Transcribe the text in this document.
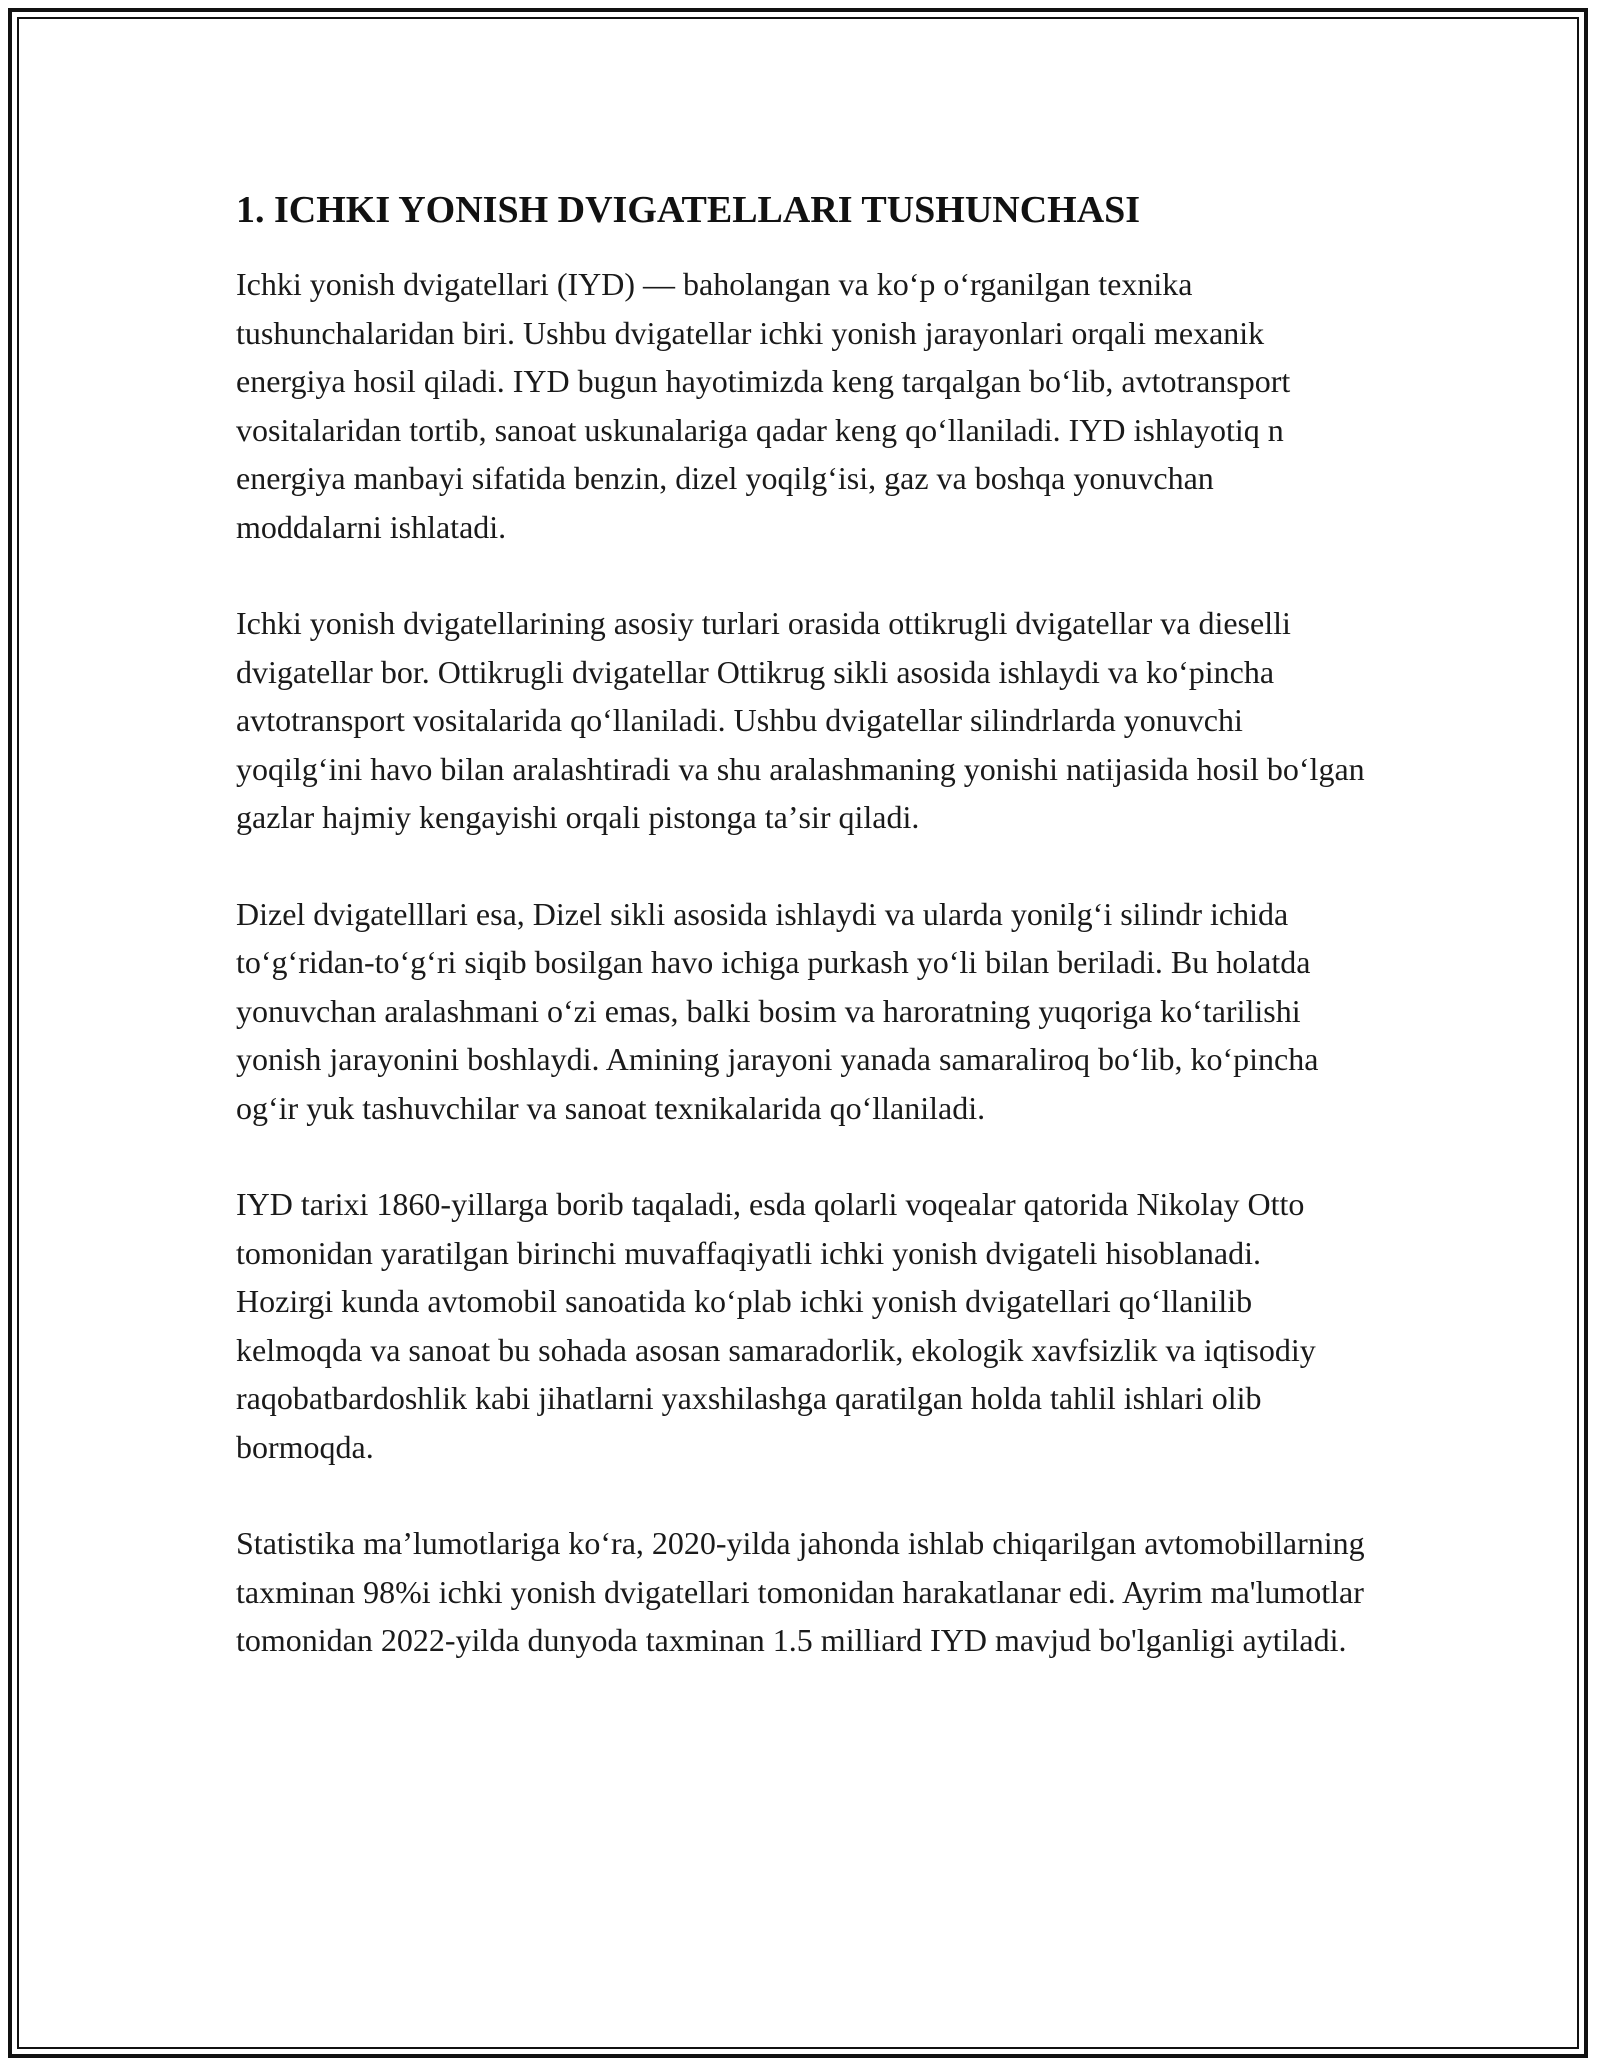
1. ICHKI YONISH DVIGATELLARI TUSHUNCHASI

Ichki yonish dvigatellari (IYD) — baholangan va koʻp oʻrganilgan texnika tushunchalaridan biri. Ushbu dvigatellar ichki yonish jarayonlari orqali mexanik energiya hosil qiladi. IYD bugun hayotimizda keng tarqalgan boʻlib, avtotransport vositalaridan tortib, sanoat uskunalariga qadar keng qoʻllaniladi. IYD ishlayotiq n energiya manbayi sifatida benzin, dizel yoqilgʻisi, gaz va boshqa yonuvchan moddalarni ishlatadi.

Ichki yonish dvigatellarining asosiy turlari orasida ottikrugli dvigatellar va dieselli dvigatellar bor. Ottikrugli dvigatellar Ottikrug sikli asosida ishlaydi va koʻpincha avtotransport vositalarida qoʻllaniladi. Ushbu dvigatellar silindrlarda yonuvchi yoqilgʻini havo bilan aralashtiradi va shu aralashmaning yonishi natijasida hosil boʻlgan gazlar hajmiy kengayishi orqali pistonga taʼsir qiladi.

Dizel dvigatelllari esa, Dizel sikli asosida ishlaydi va ularda yonilgʻi silindr ichida toʻgʻridan-toʻgʻri siqib bosilgan havo ichiga purkash yoʻli bilan beriladi. Bu holatda yonuvchan aralashmani oʻzi emas, balki bosim va haroratning yuqoriga koʻtarilishi yonish jarayonini boshlaydi. Amining jarayoni yanada samaraliroq boʻlib, koʻpincha ogʻir yuk tashuvchilar va sanoat texnikalarida qoʻllaniladi.

IYD tarixi 1860-yillarga borib taqaladi, esda qolarli voqealar qatorida Nikolay Otto tomonidan yaratilgan birinchi muvaffaqiyatli ichki yonish dvigateli hisoblanadi. Hozirgi kunda avtomobil sanoatida koʻplab ichki yonish dvigatellari qoʻllanilib kelmoqda va sanoat bu sohada asosan samaradorlik, ekologik xavfsizlik va iqtisodiy raqobatbardoshlik kabi jihatlarni yaxshilashga qaratilgan holda tahlil ishlari olib bormoqda.

Statistika maʼlumotlariga koʻra, 2020-yilda jahonda ishlab chiqarilgan avtomobillarning taxminan 98%i ichki yonish dvigatellari tomonidan harakatlanar edi. Ayrim ma'lumotlar tomonidan 2022-yilda dunyoda taxminan 1.5 milliard IYD mavjud bo'lganligi aytiladi.
